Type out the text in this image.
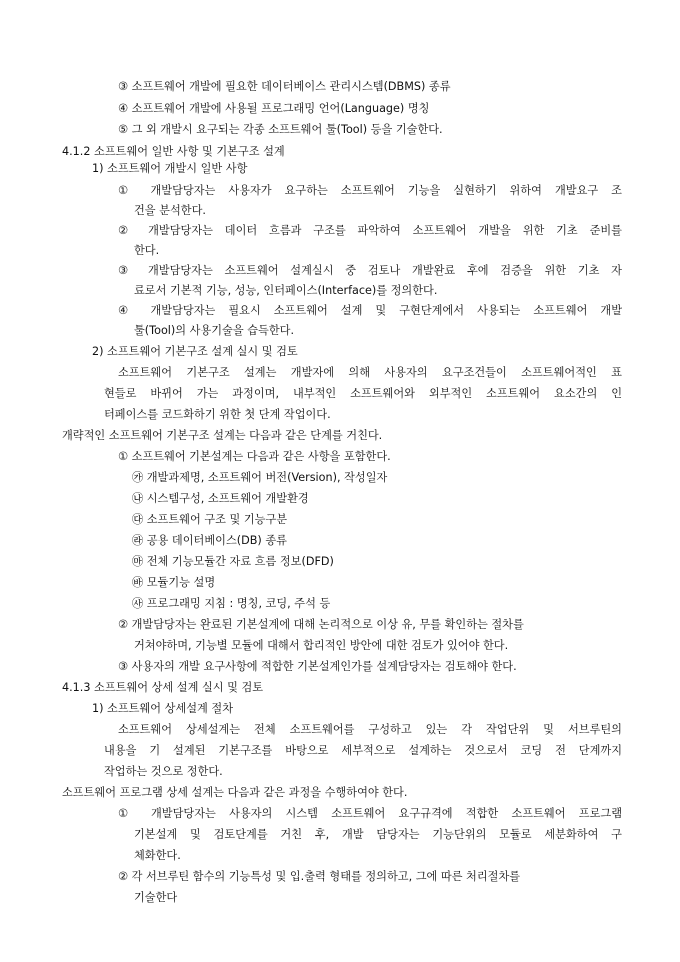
③ 소프트웨어 개발에 필요한 데이터베이스 관리시스템(DBMS) 종류
④ 소프트웨어 개발에 사용될 프로그래밍 언어(Language) 명칭
⑤ 그 외 개발시 요구되는 각종 소프트웨어 툴(Tool) 등을 기술한다.
4.1.2 소프트웨어 일반 사항 및 기본구조 설계
1) 소프트웨어 개발시 일반 사항
① 개발담당자는 사용자가 요구하는 소프트웨어 기능을 실현하기 위하여 개발요구 조
건을 분석한다.
② 개발담당자는 데이터 흐름과 구조를 파악하여 소프트웨어 개발을 위한 기초 준비를
한다.
③ 개발담당자는 소프트웨어 설계실시 중 검토나 개발완료 후에 검증을 위한 기초 자
료로서 기본적 기능, 성능, 인터페이스(Interface)를 정의한다.
④ 개발담당자는 필요시 소프트웨어 설계 및 구현단계에서 사용되는 소프트웨어 개발
툴(Tool)의 사용기술을 습득한다.
2) 소프트웨어 기본구조 설계 실시 및 검토
소프트웨어 기본구조 설계는 개발자에 의해 사용자의 요구조건들이 소프트웨어적인 표
현들로 바뀌어 가는 과정이며, 내부적인 소프트웨어와 외부적인 소프트웨어 요소간의 인
터페이스를 코드화하기 위한 첫 단계 작업이다.
개략적인 소프트웨어 기본구조 설계는 다음과 같은 단계를 거친다.
① 소프트웨어 기본설계는 다음과 같은 사항을 포함한다.
㉮ 개발과제명, 소프트웨어 버전(Version), 작성일자
㉯ 시스템구성, 소프트웨어 개발환경
㉰ 소프트웨어 구조 및 기능구분
㉱ 공용 데이터베이스(DB) 종류
㉲ 전체 기능모듈간 자료 흐름 정보(DFD)
㉳ 모듈기능 설명
㉴ 프로그래밍 지침 : 명칭, 코딩, 주석 등
② 개발담당자는 완료된 기본설계에 대해 논리적으로 이상 유, 무를 확인하는 절차를
거쳐야하며, 기능별 모듈에 대해서 합리적인 방안에 대한 검토가 있어야 한다.
③ 사용자의 개발 요구사항에 적합한 기본설계인가를 설계담당자는 검토해야 한다.
4.1.3 소프트웨어 상세 설계 실시 및 검토
1) 소프트웨어 상세설계 절차
소프트웨어 상세설계는 전체 소프트웨어를 구성하고 있는 각 작업단위 및 서브루틴의
내용을 기 설계된 기본구조를 바탕으로 세부적으로 설계하는 것으로서 코딩 전 단계까지
작업하는 것으로 정한다.
소프트웨어 프로그램 상세 설계는 다음과 같은 과정을 수행하여야 한다.
① 개발담당자는 사용자의 시스템 소프트웨어 요구규격에 적합한 소프트웨어 프로그램
기본설계 및 검토단계를 거친 후, 개발 담당자는 기능단위의 모듈로 세분화하여 구
체화한다.
② 각 서브루틴 함수의 기능특성 및 입.출력 형태를 정의하고, 그에 따른 처리절차를
기술한다
